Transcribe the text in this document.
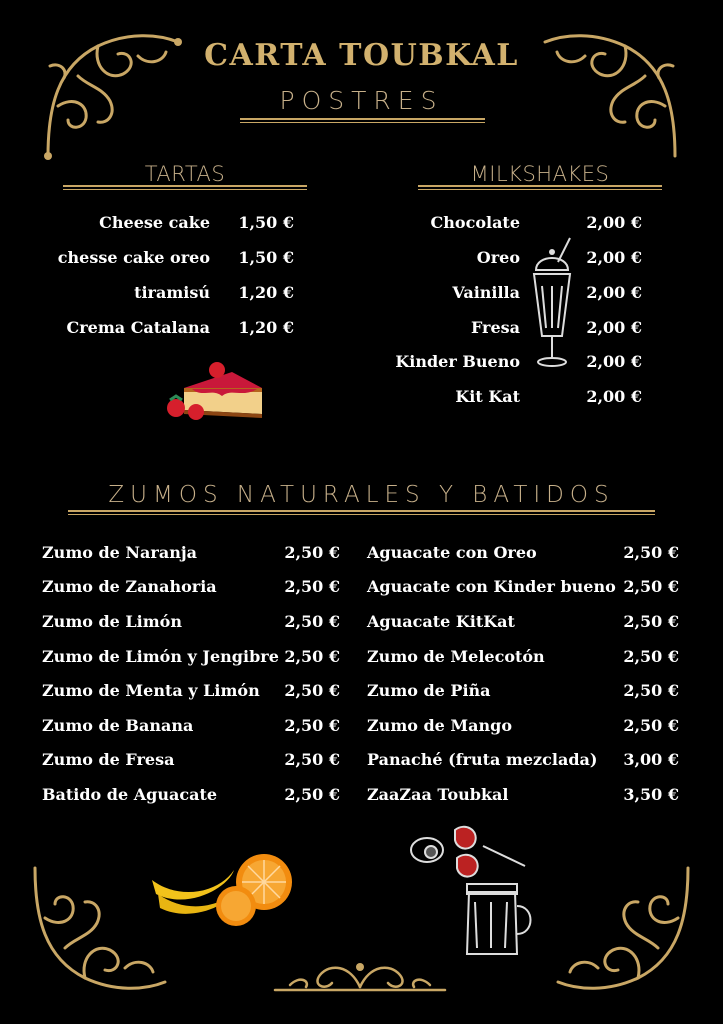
CARTA TOUBKAL
POSTRES
TARTAS
Cheese cake	1,50 €
chesse cake oreo	1,50 €
tiramisú	1,20 €
Crema Catalana	1,20 €
MILKSHAKES
Chocolate	2,00 €
Oreo	2,00 €
Vainilla	2,00 €
Fresa	2,00 €
Kinder Bueno	2,00 €
Kit Kat	2,00 €
ZUMOS NATURALES Y BATIDOS
Zumo de Naranja	2,50 €
Zumo de Zanahoria	2,50 €
Zumo de Limón	2,50 €
Zumo de Limón y Jengibre 2,50 €
Zumo de Menta y Limón	2,50 €
Zumo de Banana	2,50 €
Zumo de Fresa	2,50 €
Batido de Aguacate	2,50 €
Aguacate con Oreo	2,50 €
Aguacate con Kinder bueno 2,50 €
Aguacate KitKat	2,50 €
Zumo de Melecotón	2,50 €
Zumo de Piña	2,50 €
Zumo de Mango	2,50 €
Panaché (fruta mezclada)	3,00 €
ZaaZaa Toubkal	3,50 €
